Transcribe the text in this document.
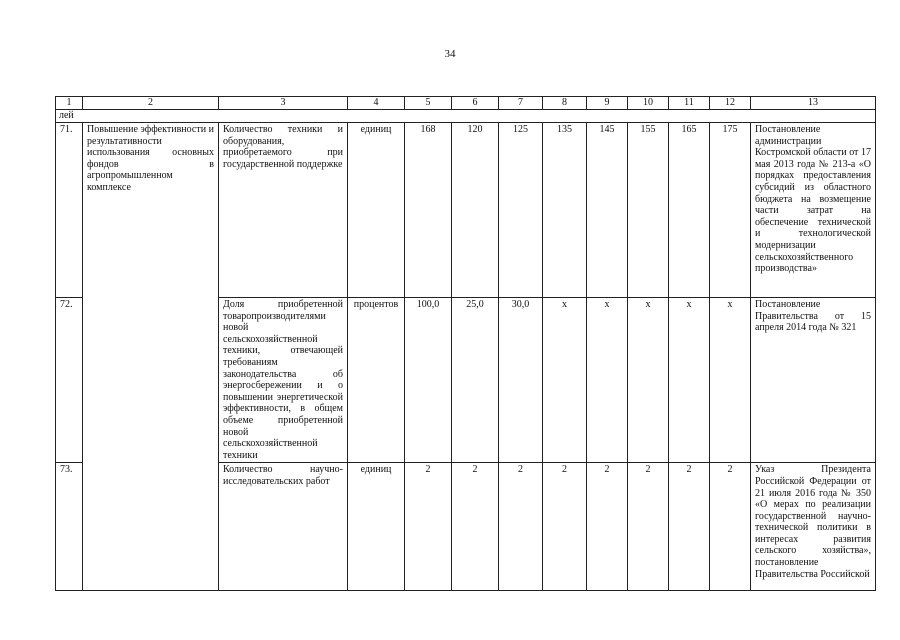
34
1	2	3	4	5	6	7	8	9	10	11	12	13
лей												
71.	Повышение эффективности и результативности использования основных фондов в агропромышленном комплексе	Количество техники и оборудования, приобретаемого при государственной поддержке	единиц	168	120	125	135	145	155	165	175	Постановление администрации Костромской области от 17 мая 2013 года № 213-а «О порядках предоставления субсидий из областного бюджета на возмещение части затрат на обеспечение технической и технологической модернизации сельскохозяйственного производства»
72.		Доля приобретенной товаропроизводителями новой сельскохозяйственной техники, отвечающей требованиям законодательства об энергосбережении и о повышении энергетической эффективности, в общем объеме приобретенной новой сельскохозяйственной техники	процентов	100,0	25,0	30,0	х	х	х	х	х	Постановление Правительства от 15 апреля 2014 года № 321
73.		Количество научно-исследовательских работ	единиц	2	2	2	2	2	2	2	2	Указ Президента Российской Федерации от 21 июля 2016 года № 350 «О мерах по реализации государственной научно-технической политики в интересах развития сельского хозяйства», постановление Правительства Российской
